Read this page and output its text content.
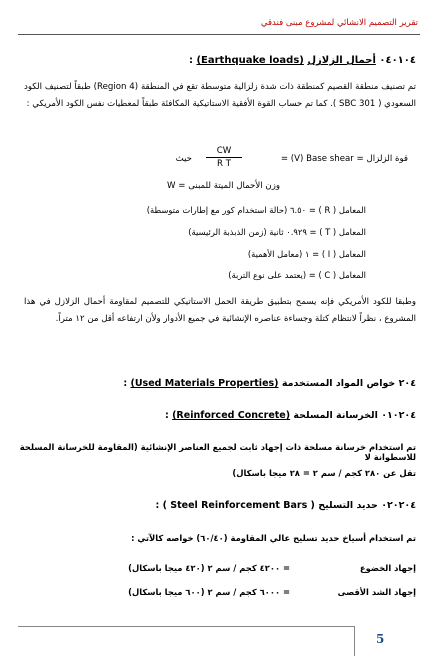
تقرير التصميم الانشائي لمشروع مبنى فندقي
٠٤٠١٠٤ أحمال الزلازل (Earthquake loads) :
تم تصنيف منطقة القصيم كمنطقة ذات شدة زلزالية متوسطة تقع في المنطقة (4 Region) طبقاً لتصنيف الكود السعودي ( SBC 301 ). كما تم حساب القوة الأفقية الاستاتيكية المكافئة طبقاً لمعطيات نفس الكود الأمريكي :
= (V) Base shear = قوة الزلزال
CW
R T
حيث
W = وزن الأحمال الميتة للمبنى
المعامل ( R ) = ٦.٥٠ (حالة استخدام كور مع إطارات متوسطة)
المعامل ( T ) = ٠.٩٢٩ ثانية (زمن الذبذبة الرئيسية)
المعامل ( I ) = ١ (معامل الأهمية)
المعامل ( C ) = (يعتمد على نوع التربة)
وطبقا للكود الأمريكي فإنه يسمح بتطبيق طريقة الحمل الاستاتيكي للتصميم لمقاومة أحمال الزلازل في هذا المشروع ، نظراً لانتظام كتلة وجساءة عناصره الإنشائية في جميع الأدوار ولأن ارتفاعه أقل من ١٢ متراً.
٢٠٤ خواص المواد المستخدمة (Used Materials Properties) :
٠١٠٢٠٤ الخرسانة المسلحة (Reinforced Concrete) :
تم استخدام خرسانة مسلحة ذات إجهاد ثابت لجميع العناصر الإنشائية (المقاومة للخرسانة المسلحة للاسطوانة لا
تقل عن ٢٨٠ كجم / سم ٢ = ٢٨ ميجا باسكال)
٠٢٠٢٠٤ حديد التسليح ( Steel Reinforcement Bars ) :
تم استخدام أسياخ حديد تسليح عالي المقاومة (٦٠/٤٠) خواصه كالآتي :
إجهاد الخضوع
= ٤٢٠٠ كجم / سم ٢ (٤٢٠ ميجا باسكال)
إجهاد الشد الأقصى
= ٦٠٠٠ كجم / سم ٢ (٦٠٠ ميجا باسكال)
5
